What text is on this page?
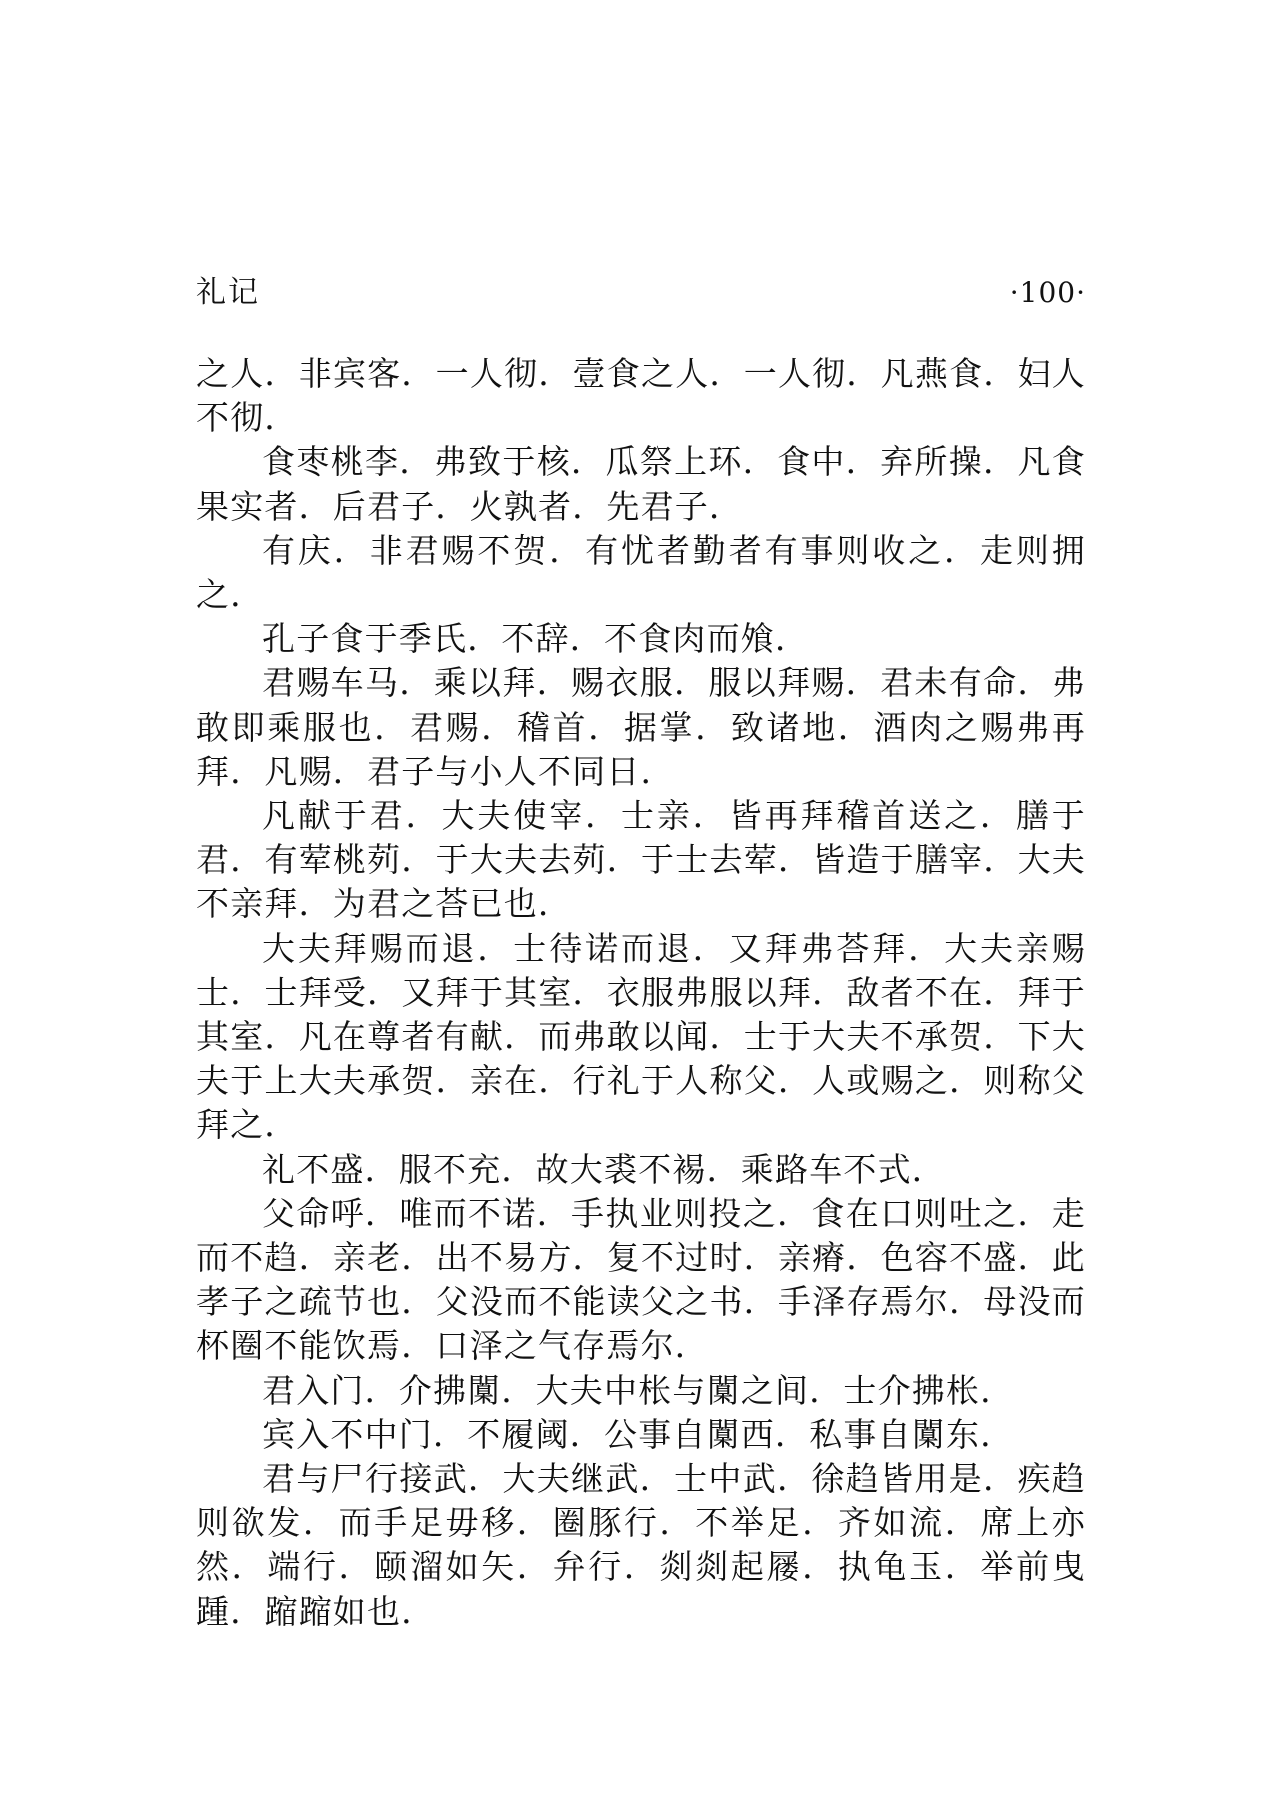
礼记	·100·

之人．非宾客．一人彻．壹食之人．一人彻．凡燕食．妇人不彻．

食枣桃李．弗致于核．瓜祭上环．食中．弃所操．凡食果实者．后君子．火孰者．先君子．

有庆．非君赐不贺．有忧者勤者有事则收之．走则拥之．

孔子食于季氏．不辞．不食肉而飧．

君赐车马．乘以拜．赐衣服．服以拜赐．君未有命．弗敢即乘服也．君赐．稽首．据掌．致诸地．酒肉之赐弗再拜．凡赐．君子与小人不同日．

凡献于君．大夫使宰．士亲．皆再拜稽首送之．膳于君．有荤桃茢．于大夫去茢．于士去荤．皆造于膳宰．大夫不亲拜．为君之荅已也．

大夫拜赐而退．士待诺而退．又拜弗荅拜．大夫亲赐士．士拜受．又拜于其室．衣服弗服以拜．敌者不在．拜于其室．凡在尊者有献．而弗敢以闻．士于大夫不承贺．下大夫于上大夫承贺．亲在．行礼于人称父．人或赐之．则称父拜之．

礼不盛．服不充．故大裘不裼．乘路车不式．

父命呼．唯而不诺．手执业则投之．食在口则吐之．走而不趋．亲老．出不易方．复不过时．亲瘠．色容不盛．此孝子之疏节也．父没而不能读父之书．手泽存焉尔．母没而杯圈不能饮焉．口泽之气存焉尔．

君入门．介拂闑．大夫中枨与闑之间．士介拂枨．

宾入不中门．不履阈．公事自闑西．私事自闑东．

君与尸行接武．大夫继武．士中武．徐趋皆用是．疾趋则欲发．而手足毋移．圈豚行．不举足．齐如流．席上亦然．端行．颐溜如矢．弁行．剡剡起屦．执龟玉．举前曳踵．蹜蹜如也．
